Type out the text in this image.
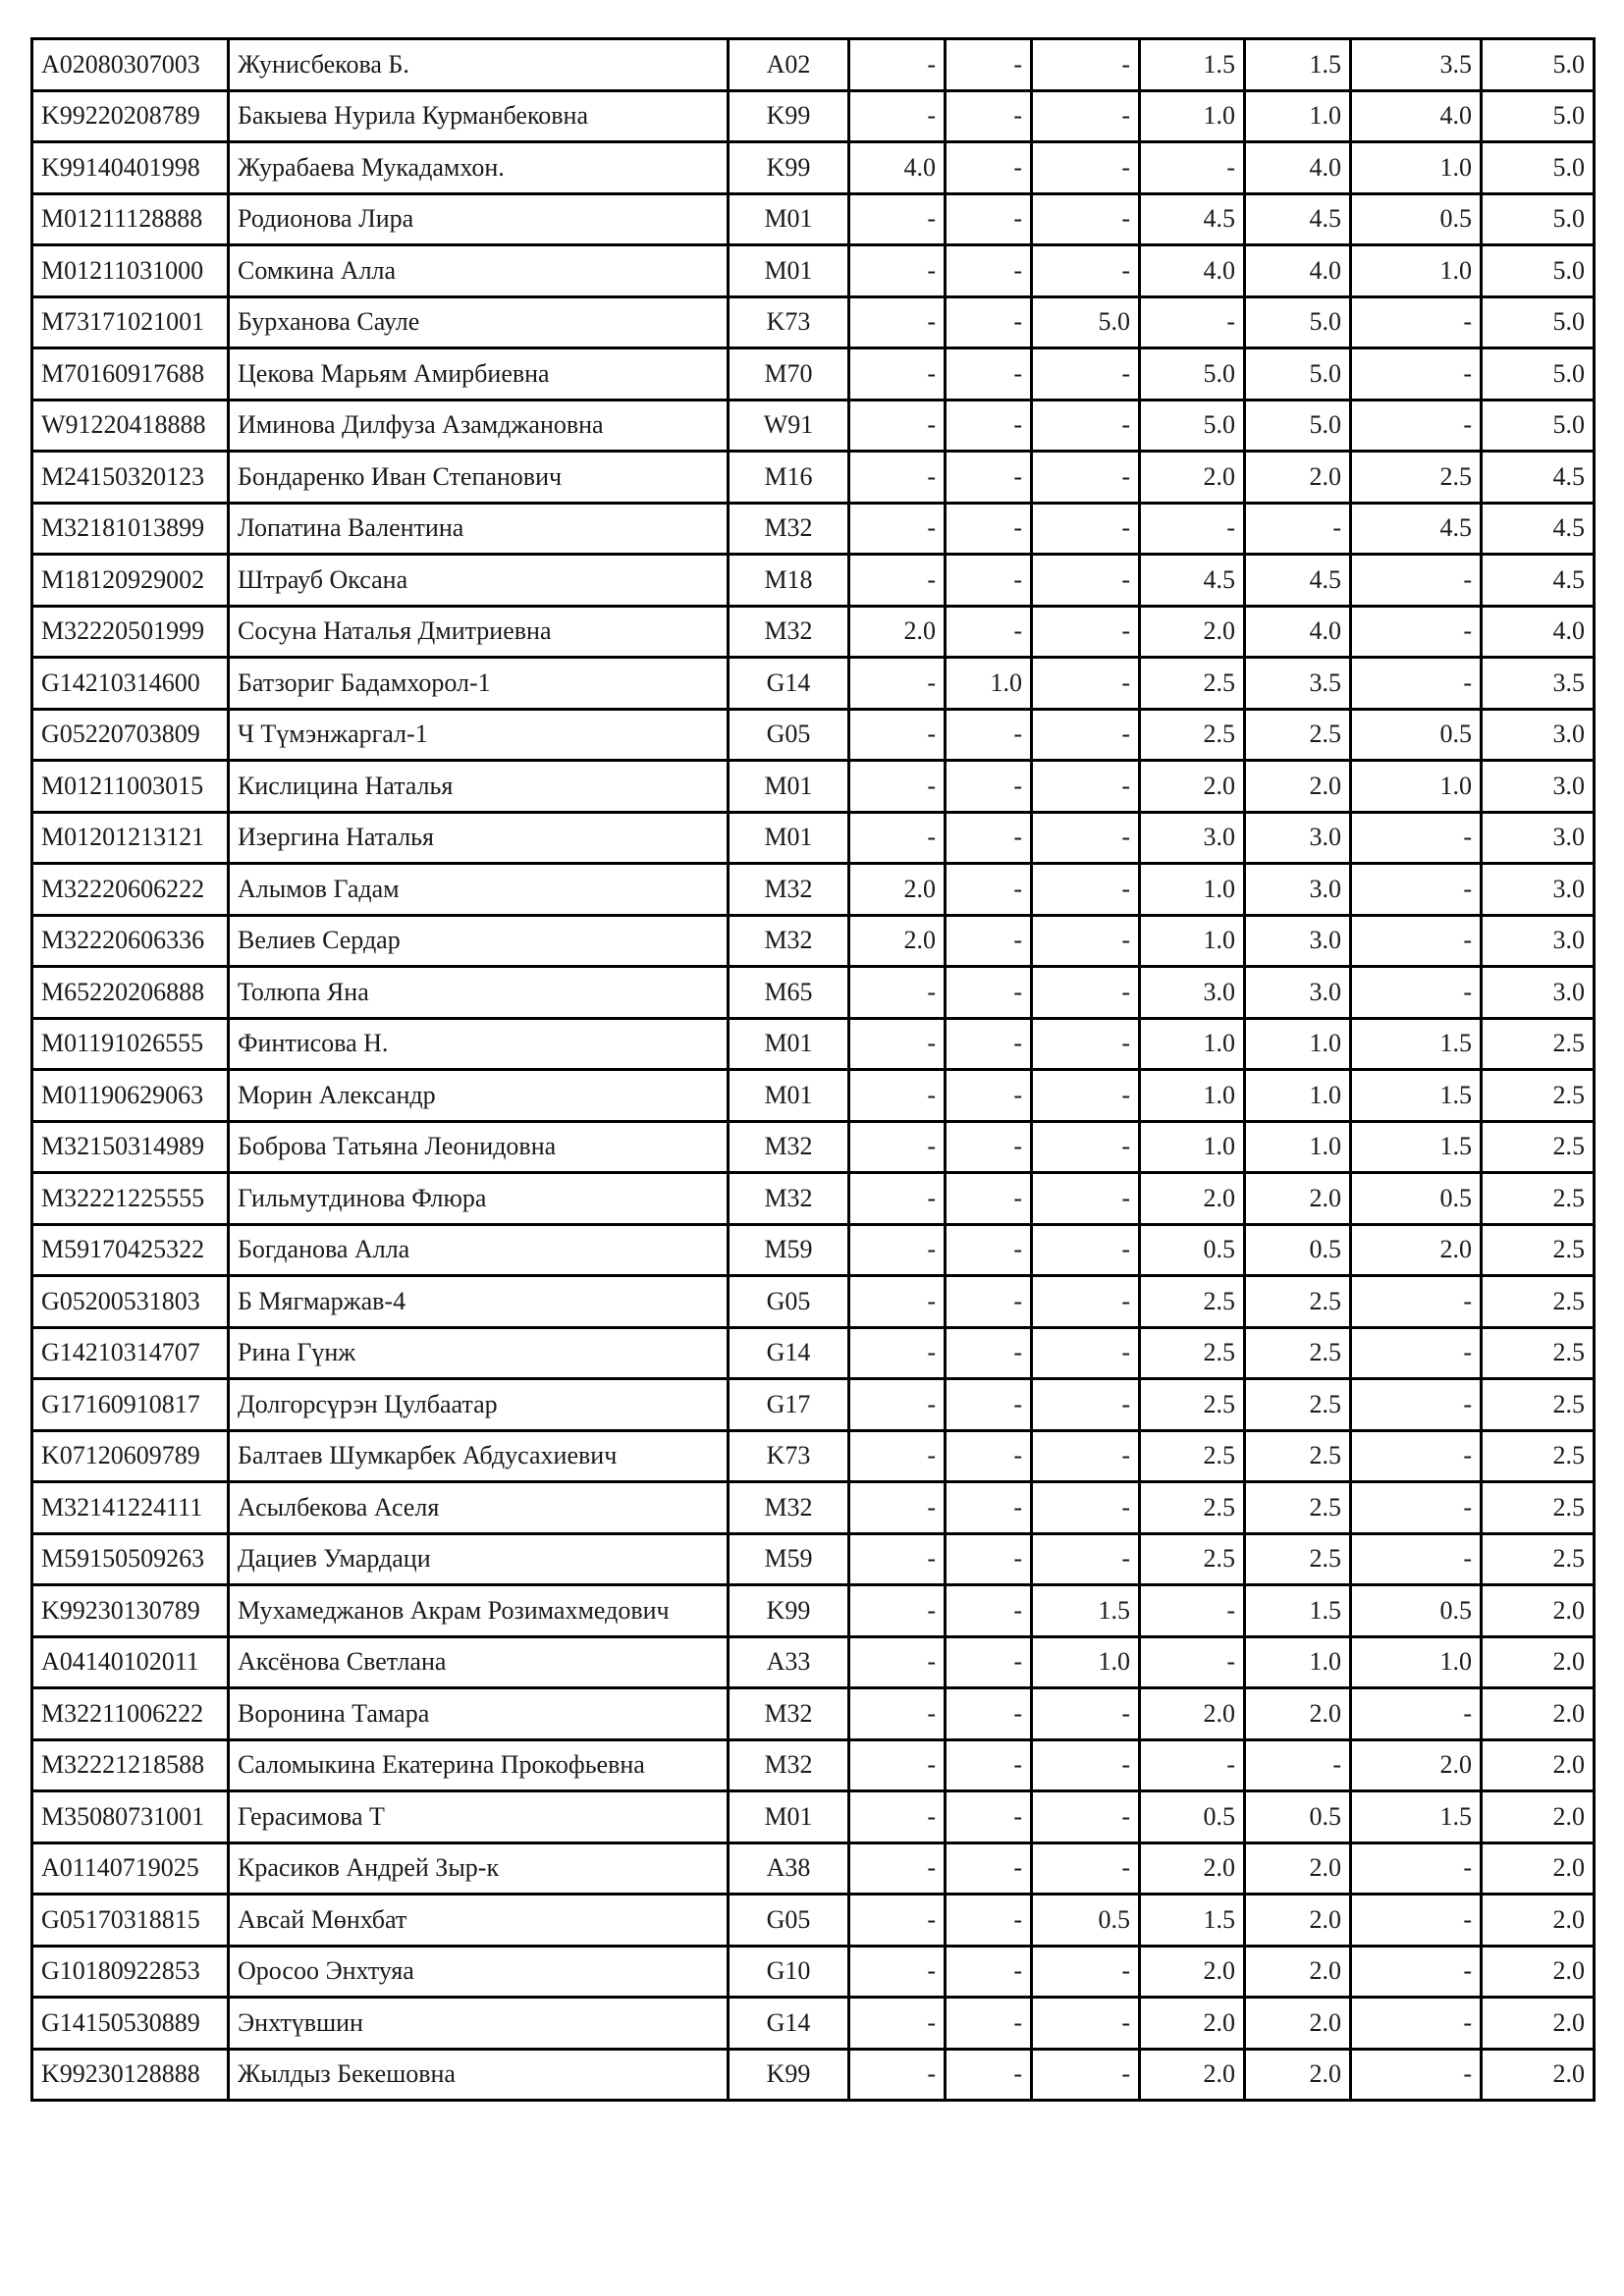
A02080307003	Жунисбекова Б.	A02	-	-	-	1.5	1.5	3.5	5.0
K99220208789	Бакыева Нурила Курманбековна	K99	-	-	-	1.0	1.0	4.0	5.0
K99140401998	Журабаева Мукадамхон.	K99	4.0	-	-	-	4.0	1.0	5.0
M01211128888	Родионова Лира	M01	-	-	-	4.5	4.5	0.5	5.0
M01211031000	Сомкина Алла	M01	-	-	-	4.0	4.0	1.0	5.0
M73171021001	Бурханова Сауле	K73	-	-	5.0	-	5.0	-	5.0
M70160917688	Цекова Марьям Амирбиевна	M70	-	-	-	5.0	5.0	-	5.0
W91220418888	Иминова Дилфуза Азамджановна	W91	-	-	-	5.0	5.0	-	5.0
M24150320123	Бондаренко Иван Степанович	M16	-	-	-	2.0	2.0	2.5	4.5
M32181013899	Лопатина Валентина	M32	-	-	-	-	-	4.5	4.5
M18120929002	Штрауб Оксана	M18	-	-	-	4.5	4.5	-	4.5
M32220501999	Сосуна Наталья Дмитриевна	M32	2.0	-	-	2.0	4.0	-	4.0
G14210314600	Батзориг Бадамхорол-1	G14	-	1.0	-	2.5	3.5	-	3.5
G05220703809	Ч Түмэнжаргал-1	G05	-	-	-	2.5	2.5	0.5	3.0
M01211003015	Кислицина Наталья	M01	-	-	-	2.0	2.0	1.0	3.0
M01201213121	Изергина Наталья	M01	-	-	-	3.0	3.0	-	3.0
M32220606222	Алымов Гадам	M32	2.0	-	-	1.0	3.0	-	3.0
M32220606336	Велиев Сердар	M32	2.0	-	-	1.0	3.0	-	3.0
M65220206888	Толюпа Яна	M65	-	-	-	3.0	3.0	-	3.0
M01191026555	Финтисова Н.	M01	-	-	-	1.0	1.0	1.5	2.5
M01190629063	Морин Александр	M01	-	-	-	1.0	1.0	1.5	2.5
M32150314989	Боброва Татьяна Леонидовна	M32	-	-	-	1.0	1.0	1.5	2.5
M32221225555	Гильмутдинова Флюра	M32	-	-	-	2.0	2.0	0.5	2.5
M59170425322	Богданова Алла	M59	-	-	-	0.5	0.5	2.0	2.5
G05200531803	Б Мягмаржав-4	G05	-	-	-	2.5	2.5	-	2.5
G14210314707	Рина Гүнж	G14	-	-	-	2.5	2.5	-	2.5
G17160910817	Долгорсүрэн Цулбаатар	G17	-	-	-	2.5	2.5	-	2.5
K07120609789	Балтаев Шумкарбек Абдусахиевич	K73	-	-	-	2.5	2.5	-	2.5
M32141224111	Асылбекова Аселя	M32	-	-	-	2.5	2.5	-	2.5
M59150509263	Дациев Умардаци	M59	-	-	-	2.5	2.5	-	2.5
K99230130789	Мухамеджанов Акрам Розимахмедович	K99	-	-	1.5	-	1.5	0.5	2.0
A04140102011	Аксёнова Светлана	A33	-	-	1.0	-	1.0	1.0	2.0
M32211006222	Воронина Тамара	M32	-	-	-	2.0	2.0	-	2.0
M32221218588	Саломыкина Екатерина Прокофьевна	M32	-	-	-	-	-	2.0	2.0
M35080731001	Герасимова Т	M01	-	-	-	0.5	0.5	1.5	2.0
A01140719025	Красиков Андрей Зыр-к	A38	-	-	-	2.0	2.0	-	2.0
G05170318815	Авсай Мөнхбат	G05	-	-	0.5	1.5	2.0	-	2.0
G10180922853	Оросоо Энхтуяа	G10	-	-	-	2.0	2.0	-	2.0
G14150530889	Энхтүвшин	G14	-	-	-	2.0	2.0	-	2.0
K99230128888	Жылдыз Бекешовна	K99	-	-	-	2.0	2.0	-	2.0
